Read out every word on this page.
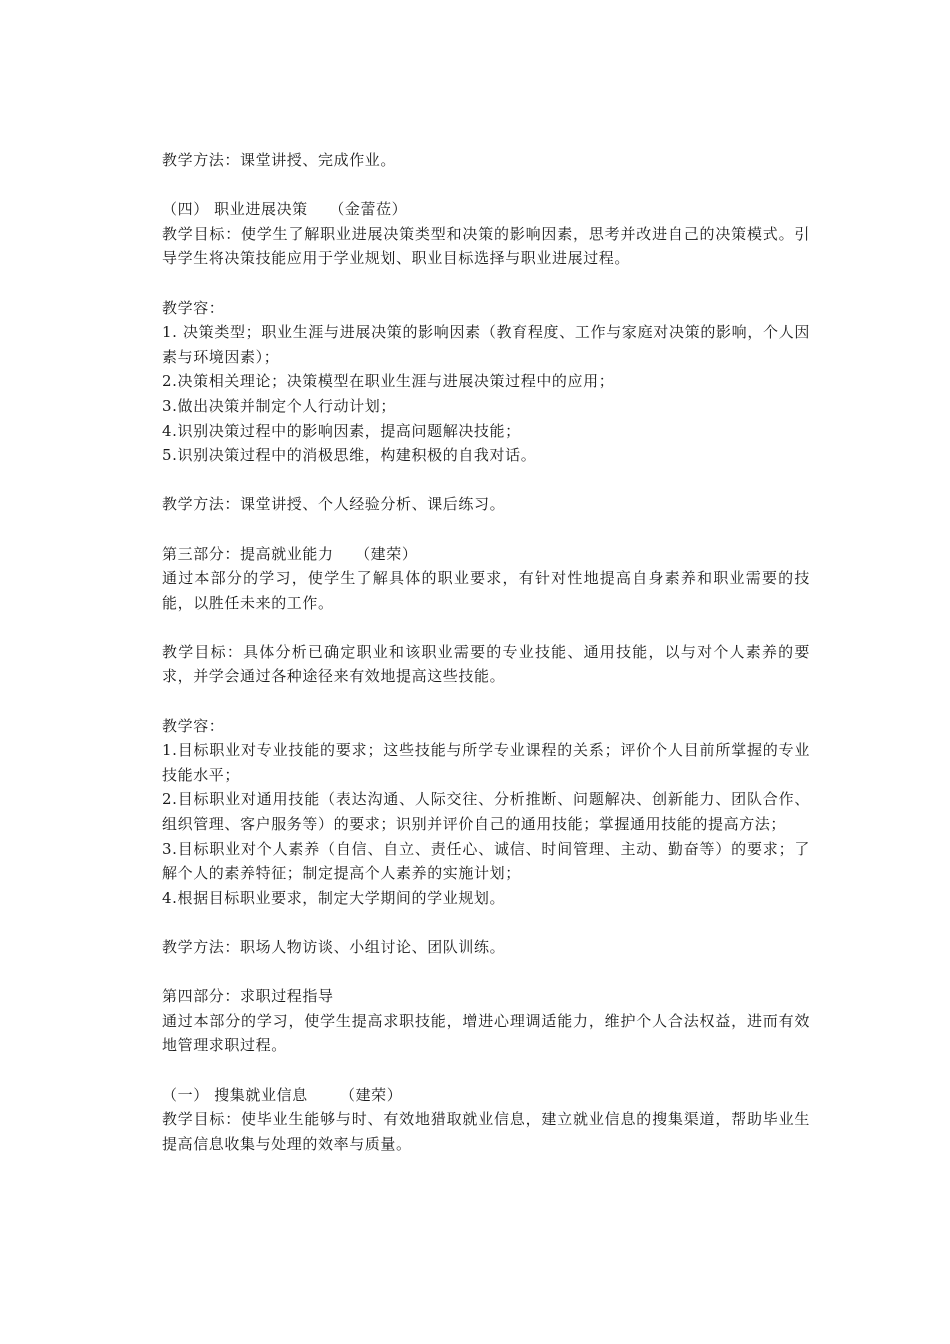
教学方法：课堂讲授、完成作业。

（四） 职业进展决策    （金蕾莅）

教学目标：使学生了解职业进展决策类型和决策的影响因素，思考并改进自己的决策模式。引导学生将决策技能应用于学业规划、职业目标选择与职业进展过程。

教学容：

1. 决策类型；职业生涯与进展决策的影响因素（教育程度、工作与家庭对决策的影响，个人因素与环境因素）；

2.决策相关理论；决策模型在职业生涯与进展决策过程中的应用；

3.做出决策并制定个人行动计划；

4.识别决策过程中的影响因素，提高问题解决技能；

5.识别决策过程中的消极思维，构建积极的自我对话。

教学方法：课堂讲授、个人经验分析、课后练习。

第三部分：提高就业能力    （建荣）

通过本部分的学习，使学生了解具体的职业要求，有针对性地提高自身素养和职业需要的技能，以胜任未来的工作。

教学目标：具体分析已确定职业和该职业需要的专业技能、通用技能，以与对个人素养的要求，并学会通过各种途径来有效地提高这些技能。

教学容：

1.目标职业对专业技能的要求；这些技能与所学专业课程的关系；评价个人目前所掌握的专业技能水平；

2.目标职业对通用技能（表达沟通、人际交往、分析推断、问题解决、创新能力、团队合作、组织管理、客户服务等）的要求；识别并评价自己的通用技能；掌握通用技能的提高方法；

3.目标职业对个人素养（自信、自立、责任心、诚信、时间管理、主动、勤奋等）的要求；了解个人的素养特征；制定提高个人素养的实施计划；

4.根据目标职业要求，制定大学期间的学业规划。

教学方法：职场人物访谈、小组讨论、团队训练。

第四部分：求职过程指导

通过本部分的学习，使学生提高求职技能，增进心理调适能力，维护个人合法权益，进而有效地管理求职过程。

（一） 搜集就业信息      （建荣）

教学目标：使毕业生能够与时、有效地猎取就业信息，建立就业信息的搜集渠道，帮助毕业生提高信息收集与处理的效率与质量。
